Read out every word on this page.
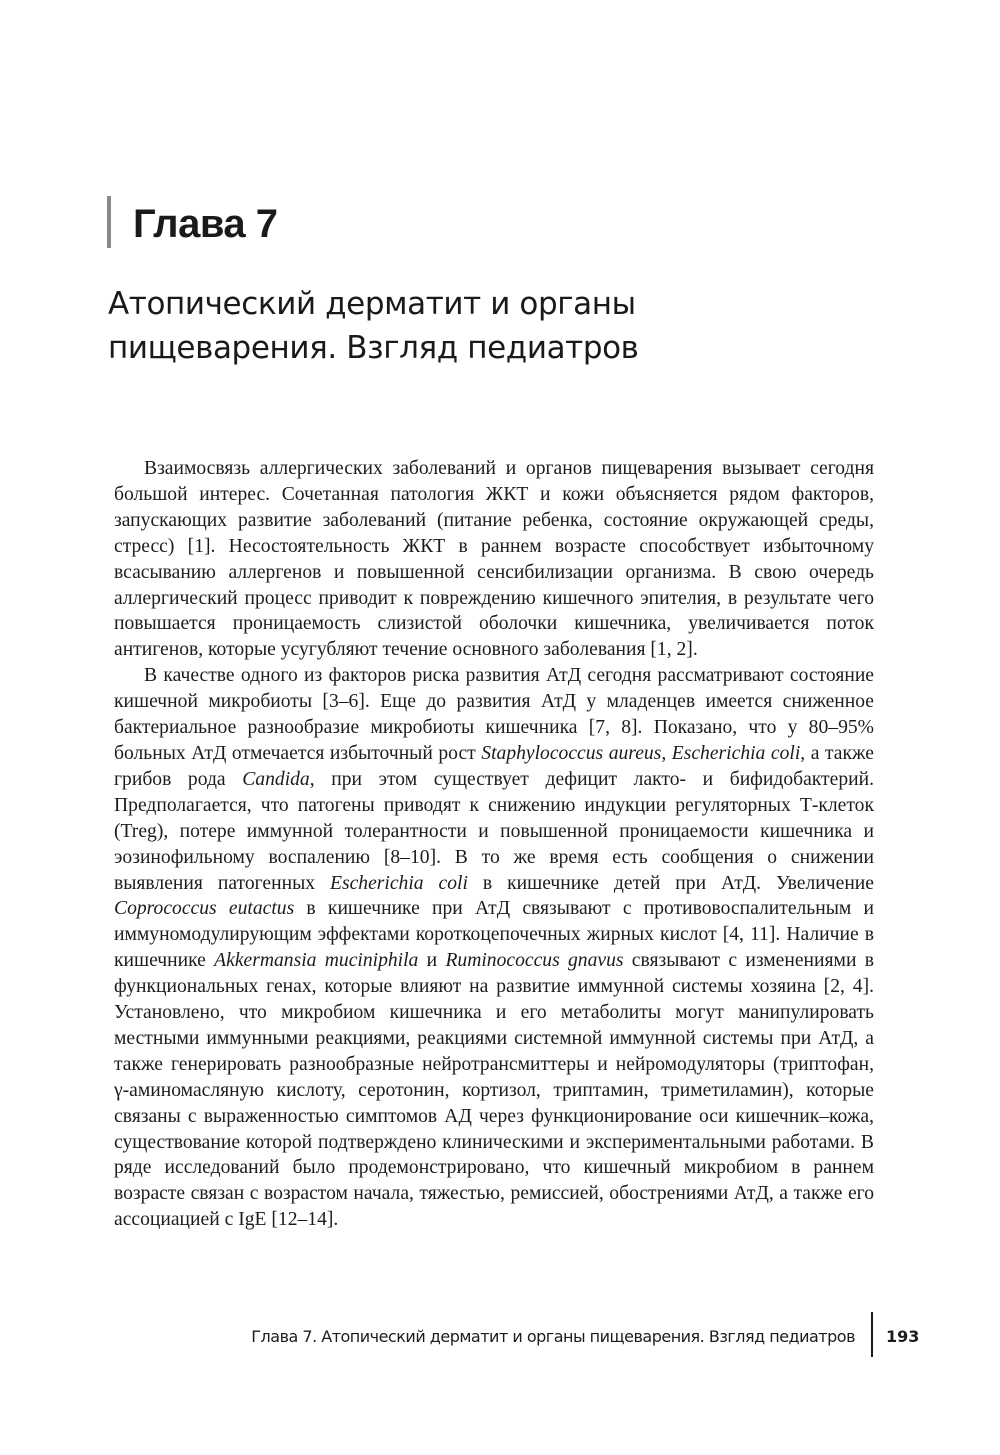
Глава 7
Атопический дерматит и органы пищеварения. Взгляд педиатров

Взаимосвязь аллергических заболеваний и органов пищеварения вызывает сегодня большой интерес. Сочетанная патология ЖКТ и кожи объясняется рядом факторов, запускающих развитие заболеваний (питание ребенка, состояние окружающей среды, стресс) [1]. Несостоятельность ЖКТ в раннем возрасте способствует избыточному всасыванию аллергенов и повышенной сенсибилизации организма. В свою очередь аллергический процесс приводит к повреждению кишечного эпителия, в результате чего повышается проницаемость слизистой оболочки кишечника, увеличивается поток антигенов, которые усугубляют течение основного заболевания [1, 2].

В качестве одного из факторов риска развития АтД сегодня рассматривают состояние кишечной микробиоты [3–6]. Еще до развития АтД у младенцев имеется сниженное бактериальное разнообразие микробиоты кишечника [7, 8]. Показано, что у 80–95% больных АтД отмечается избыточный рост Staphylococcus aureus, Escherichia coli, а также грибов рода Candida, при этом существует дефицит лакто- и бифидобактерий. Предполагается, что патогены приводят к снижению индукции регуляторных Т-клеток (Treg), потере иммунной толерантности и повышенной проницаемости кишечника и эозинофильному воспалению [8–10]. В то же время есть сообщения о снижении выявления патогенных Escherichia coli в кишечнике детей при АтД. Увеличение Coprococcus eutactus в кишечнике при АтД связывают с противовоспалительным и иммуномодулирующим эффектами короткоцепочечных жирных кислот [4, 11]. Наличие в кишечнике Akkermansia muciniphila и Ruminococcus gnavus связывают с изменениями в функциональных генах, которые влияют на развитие иммунной системы хозяина [2, 4]. Установлено, что микробиом кишечника и его метаболиты могут манипулировать местными иммунными реакциями, реакциями системной иммунной системы при АтД, а также генерировать разнообразные нейротрансмиттеры и нейромодуляторы (триптофан, γ-аминомасляную кислоту, серотонин, кортизол, триптамин, триметиламин), которые связаны с выраженностью симптомов АД через функционирование оси кишечник–кожа, существование которой подтверждено клиническими и экспериментальными работами. В ряде исследований было продемонстрировано, что кишечный микробиом в раннем возрасте связан с возрастом начала, тяжестью, ремиссией, обострениями АтД, а также его ассоциацией с IgE [12–14].

Глава 7. Атопический дерматит и органы пищеварения. Взгляд педиатров 193
